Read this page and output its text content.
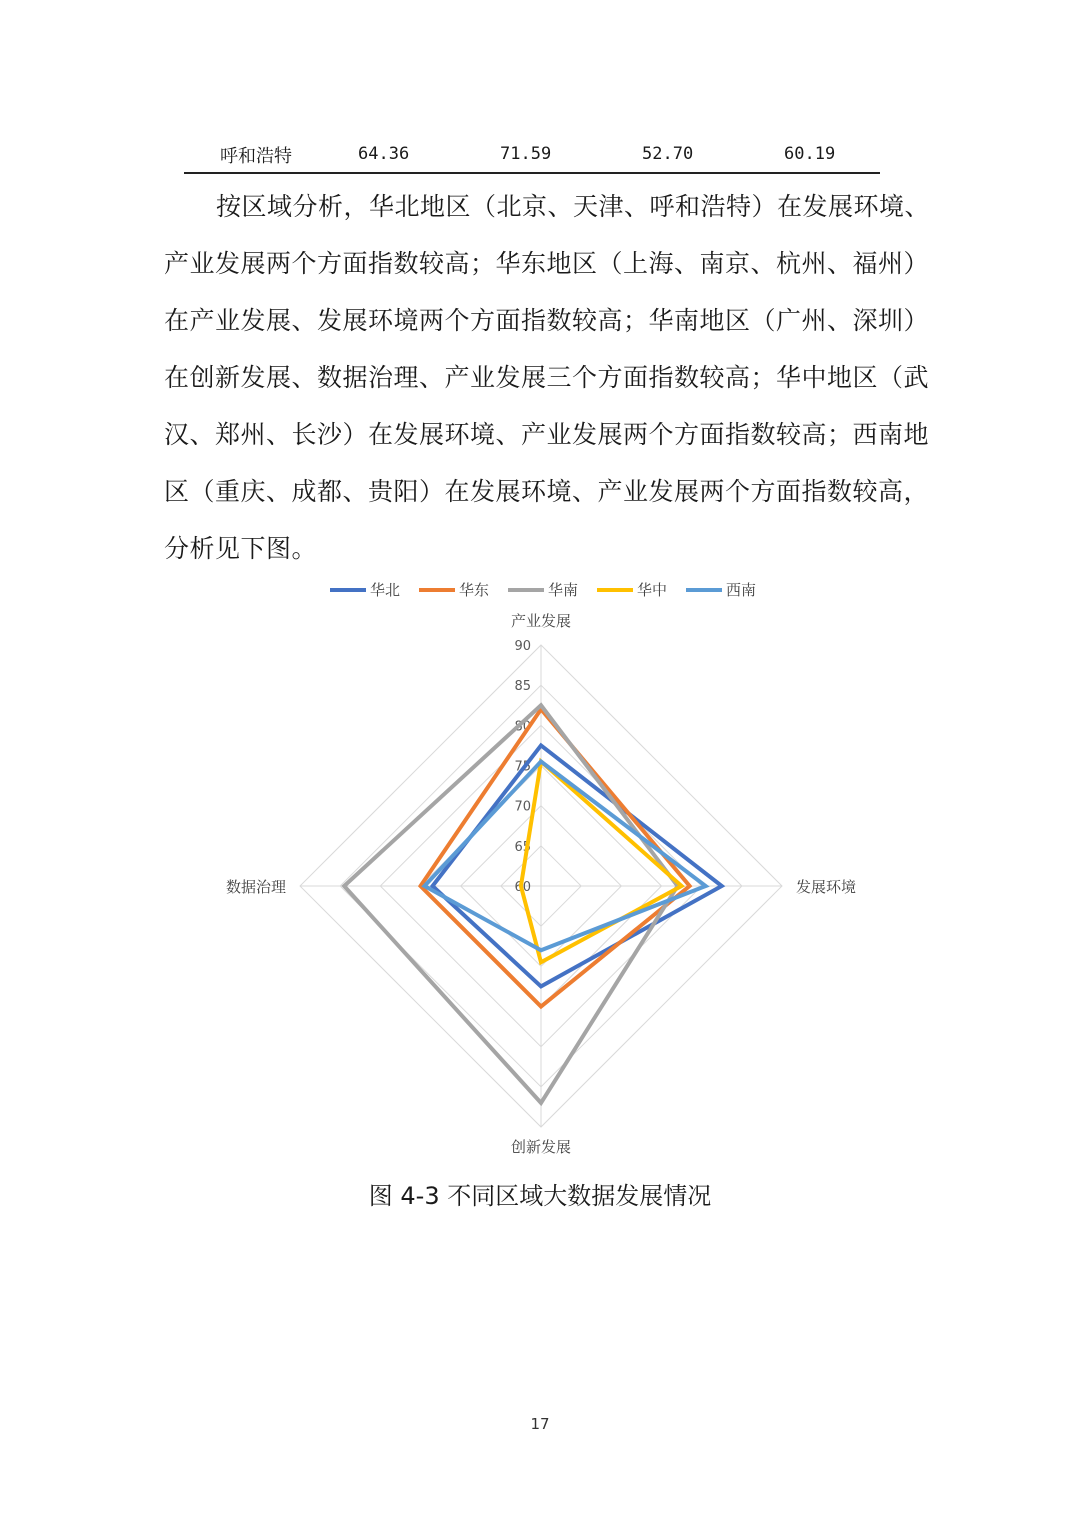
呼和浩特	64.36	71.59	52.70	60.19
按区域分析，华北地区（北京、天津、呼和浩特）在发展环境、
产业发展两个方面指数较高；华东地区（上海、南京、杭州、福州）
在产业发展、发展环境两个方面指数较高；华南地区（广州、深圳）
在创新发展、数据治理、产业发展三个方面指数较高；华中地区（武
汉、郑州、长沙）在发展环境、产业发展两个方面指数较高；西南地
区（重庆、成都、贵阳）在发展环境、产业发展两个方面指数较高，
分析见下图。
60
65
70
75
80
85
90
产业发展
发展环境
创新发展
数据治理
华北	华东	华南	华中	西南
图 4-3 不同区域大数据发展情况
17
